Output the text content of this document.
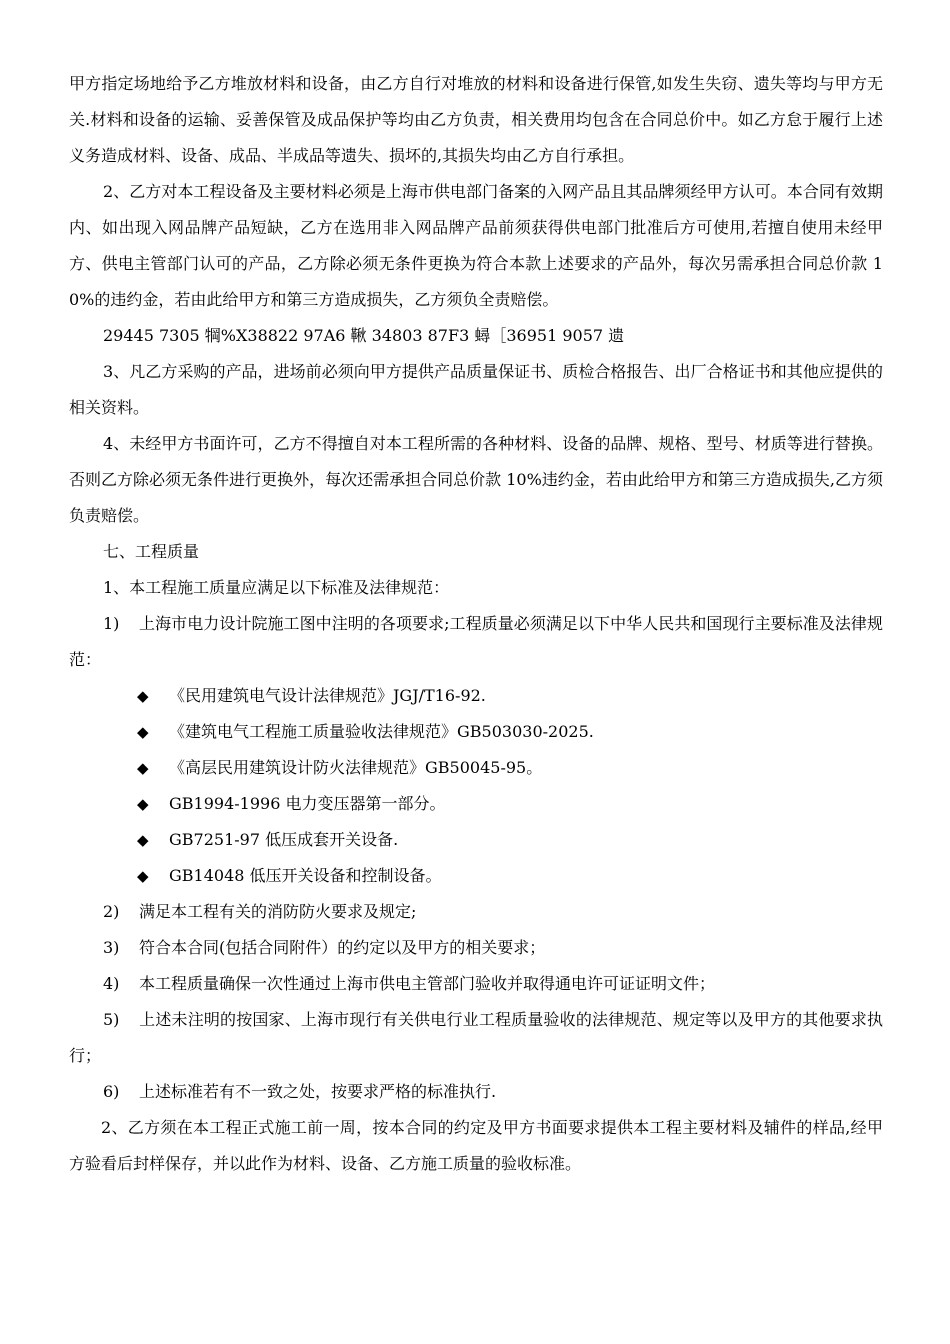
甲方指定场地给予乙方堆放材料和设备，由乙方自行对堆放的材料和设备进行保管,如发生失窃、遗失等均与甲方无关.材料和设备的运输、妥善保管及成品保护等均由乙方负责，相关费用均包含在合同总价中。如乙方怠于履行上述义务造成材料、设备、成品、半成品等遗失、损坏的,其损失均由乙方自行承担。

2、乙方对本工程设备及主要材料必须是上海市供电部门备案的入网产品且其品牌须经甲方认可。本合同有效期内、如出现入网品牌产品短缺，乙方在选用非入网品牌产品前须获得供电部门批准后方可使用,若擅自使用未经甲方、供电主管部门认可的产品，乙方除必须无条件更换为符合本款上述要求的产品外，每次另需承担合同总价款 10%的违约金，若由此给甲方和第三方造成损失，乙方须负全责赔偿。

29445 7305 犅%X38822 97A6 鞦 34803 87F3 蟳［36951 9057 遗

3、凡乙方采购的产品，进场前必须向甲方提供产品质量保证书、质检合格报告、出厂合格证书和其他应提供的相关资料。

4、未经甲方书面许可，乙方不得擅自对本工程所需的各种材料、设备的品牌、规格、型号、材质等进行替换。否则乙方除必须无条件进行更换外，每次还需承担合同总价款 10%违约金，若由此给甲方和第三方造成损失,乙方须负责赔偿。

七、工程质量

1、本工程施工质量应满足以下标准及法律规范：

1) 上海市电力设计院施工图中注明的各项要求;工程质量必须满足以下中华人民共和国现行主要标准及法律规范：

◆ 《民用建筑电气设计法律规范》JGJ/T16-92.
◆ 《建筑电气工程施工质量验收法律规范》GB503030-2025.
◆ 《高层民用建筑设计防火法律规范》GB50045-95。
◆ GB1994-1996 电力变压器第一部分。
◆ GB7251-97 低压成套开关设备.
◆ GB14048 低压开关设备和控制设备。

2) 满足本工程有关的消防防火要求及规定;

3) 符合本合同(包括合同附件）的约定以及甲方的相关要求；

4) 本工程质量确保一次性通过上海市供电主管部门验收并取得通电许可证证明文件；

5) 上述未注明的按国家、上海市现行有关供电行业工程质量验收的法律规范、规定等以及甲方的其他要求执行；

6) 上述标准若有不一致之处，按要求严格的标准执行.

2、乙方须在本工程正式施工前一周，按本合同的约定及甲方书面要求提供本工程主要材料及辅件的样品,经甲方验看后封样保存，并以此作为材料、设备、乙方施工质量的验收标准。
